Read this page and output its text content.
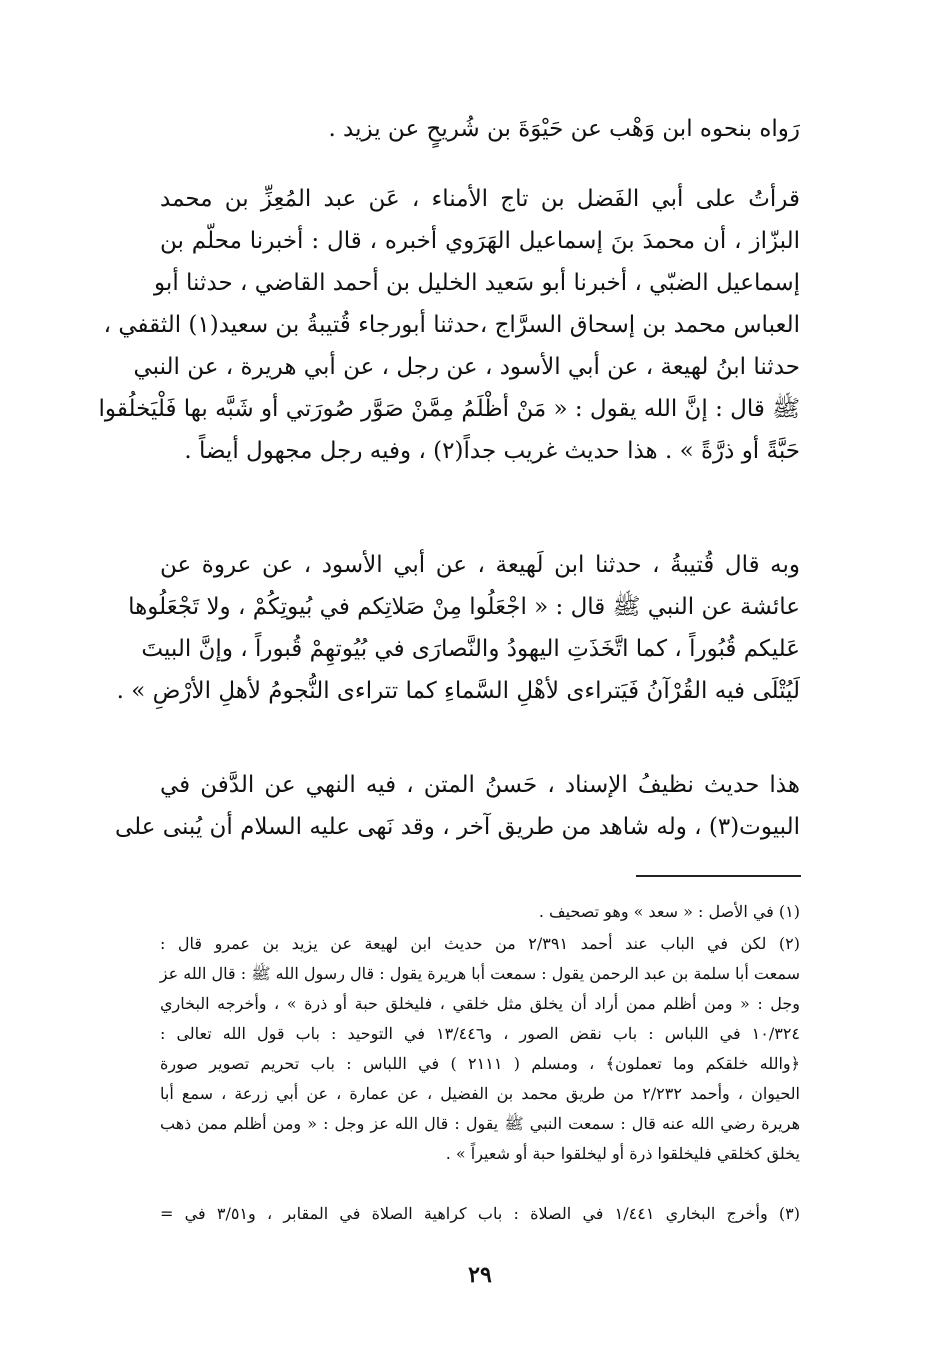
رَواه بنحوه ابن وَهْب عن حَيْوَةَ بن شُريحٍ عن يزيد .
قرأتُ على أبي الفَضل بن تاج الأمناء ، عَن عبد المُعِزِّ بن محمد
البزّاز ، أن محمدَ بنَ إسماعيل الهَرَوي أخبره ، قال : أخبرنا محلّم بن
إسماعيل الضبّي ، أخبرنا أبو سَعيد الخليل بن أحمد القاضي ، حدثنا أبو
العباس محمد بن إسحاق السرَّاج ،حدثنا أبورجاء قُتيبةُ بن سعيد(١) الثقفي ،
حدثنا ابنُ لهيعة ، عن أبي الأسود ، عن رجل ، عن أبي هريرة ، عن النبي
ﷺ قال : إنَّ الله يقول : « مَنْ أظْلَمُ مِمَّنْ صَوَّر صُورَتي أو شَبَّه بها فَلْيَخلُقوا
حَبَّةً أو ذرَّةً » . هذا حديث غريب جداً(٢) ، وفيه رجل مجهول أيضاً .
وبه قال قُتيبةُ ، حدثنا ابن لَهيعة ، عن أبي الأسود ، عن عروة عن
عائشة عن النبي ﷺ قال : « اجْعَلُوا مِنْ صَلاتِكم في بُيوتِكُمْ ، ولا تَجْعَلُوها
عَليكم قُبُوراً ، كما اتَّخَذَتِ اليهودُ والنَّصارَى في بُيُوتهِمْ قُبوراً ، وإنَّ البيتَ
لَيُتْلَى فيه القُرْآنُ فَيَتراءى لأهْلِ السَّماءِ كما تتراءى النُّجومُ لأهلِ الأرْضِ » .
هذا حديث نظيفُ الإسناد ، حَسنُ المتن ، فيه النهي عن الدَّفن في
البيوت(٣) ، وله شاهد من طريق آخر ، وقد نَهى عليه السلام أن يُبنى على
(١) في الأصل : « سعد » وهو تصحيف .
(٢) لكن في الباب عند أحمد ٢/٣٩١ من حديث ابن لهيعة عن يزيد بن عمرو قال :
سمعت أبا سلمة بن عبد الرحمن يقول : سمعت أبا هريرة يقول : قال رسول الله ﷺ : قال الله عز
وجل : « ومن أظلم ممن أراد أن يخلق مثل خلقي ، فليخلق حبة أو ذرة » ، وأخرجه البخاري
١٠/٣٢٤ في اللباس : باب نقض الصور ، و١٣/٤٤٦ في التوحيد : باب قول الله تعالى :
﴿والله خلقكم وما تعملون﴾ ، ومسلم ( ٢١١١ ) في اللباس : باب تحريم تصوير صورة
الحيوان ، وأحمد ٢/٢٣٢ من طريق محمد بن الفضيل ، عن عمارة ، عن أبي زرعة ، سمع أبا
هريرة رضي الله عنه قال : سمعت النبي ﷺ يقول : قال الله عز وجل : « ومن أظلم ممن ذهب
يخلق كخلقي فليخلقوا ذرة أو ليخلقوا حبة أو شعيراً » .
(٣) وأخرج البخاري ١/٤٤١ في الصلاة : باب كراهية الصلاة في المقابر ، و٣/٥١ في =
٢٩
